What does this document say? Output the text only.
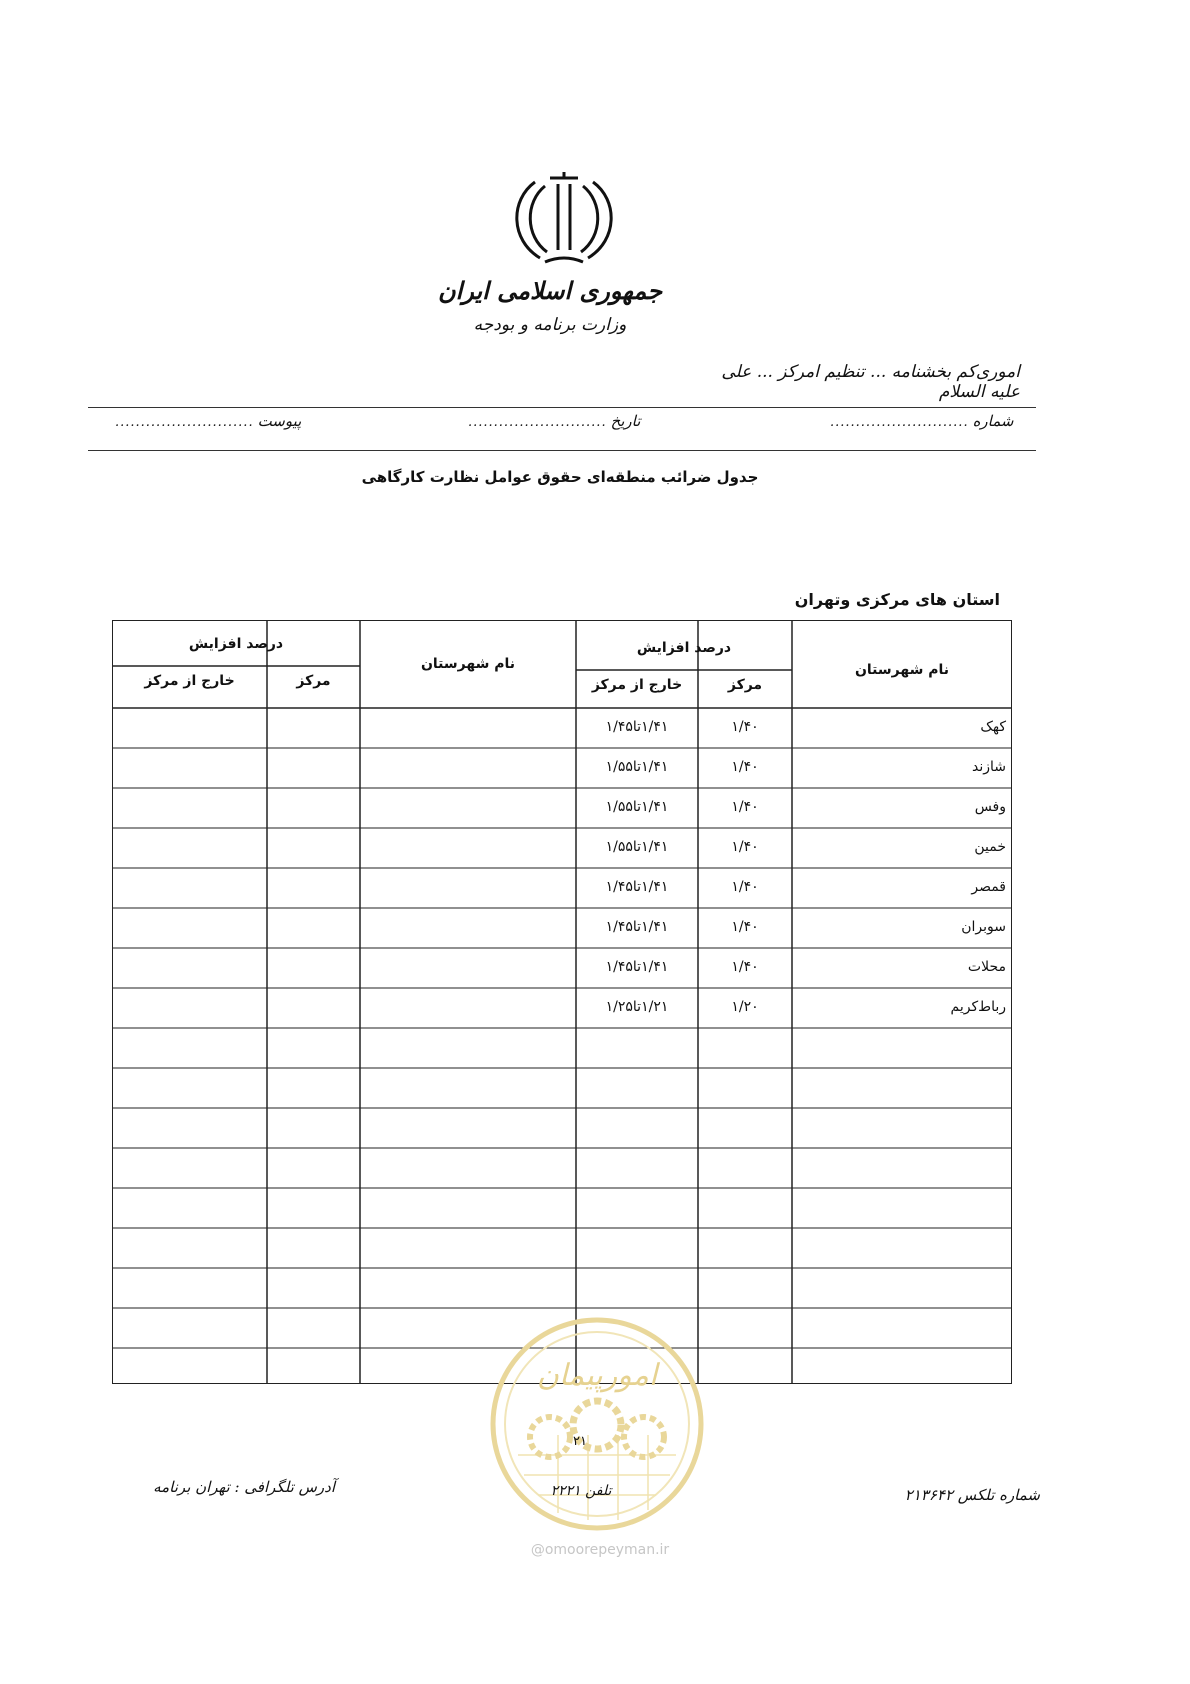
جمهوری اسلامی ایران
وزارت برنامه و بودجه
اموری‌کم بخشنامه ... ‌تنظیم امرکز ... علی علیه السلام
شماره
...........................
تاریخ
...........................
پیوست
...........................
جدول ضرائب منطقه‌ای حقوق عوامل نظارت کارگاهی
استان های مرکزی وتهران
نام شهرستان
درصد افزایش
مرکز
خارج از مرکز
نام شهرستان
درصد افزایش
مرکز
خارج از مرکز
کهک
۱/۴۰
۱/۴۱تا۱/۴۵
شازند
۱/۴۰
۱/۴۱تا۱/۵۵
وفس
۱/۴۰
۱/۴۱تا۱/۵۵
خمین
۱/۴۰
۱/۴۱تا۱/۵۵
قمصر
۱/۴۰
۱/۴۱تا۱/۴۵
سوبران
۱/۴۰
۱/۴۱تا۱/۴۵
محلات
۱/۴۰
۱/۴۱تا۱/۴۵
رباط‌کریم
۱/۲۰
۱/۲۱تا۱/۲۵
امورپیمان
@omoorepeyman.ir
۲۱
تلفن ۲۲۲۱
آدرس تلگرافی : تهران برنامه	شماره تلکس ۲۱۳۶۴۲
